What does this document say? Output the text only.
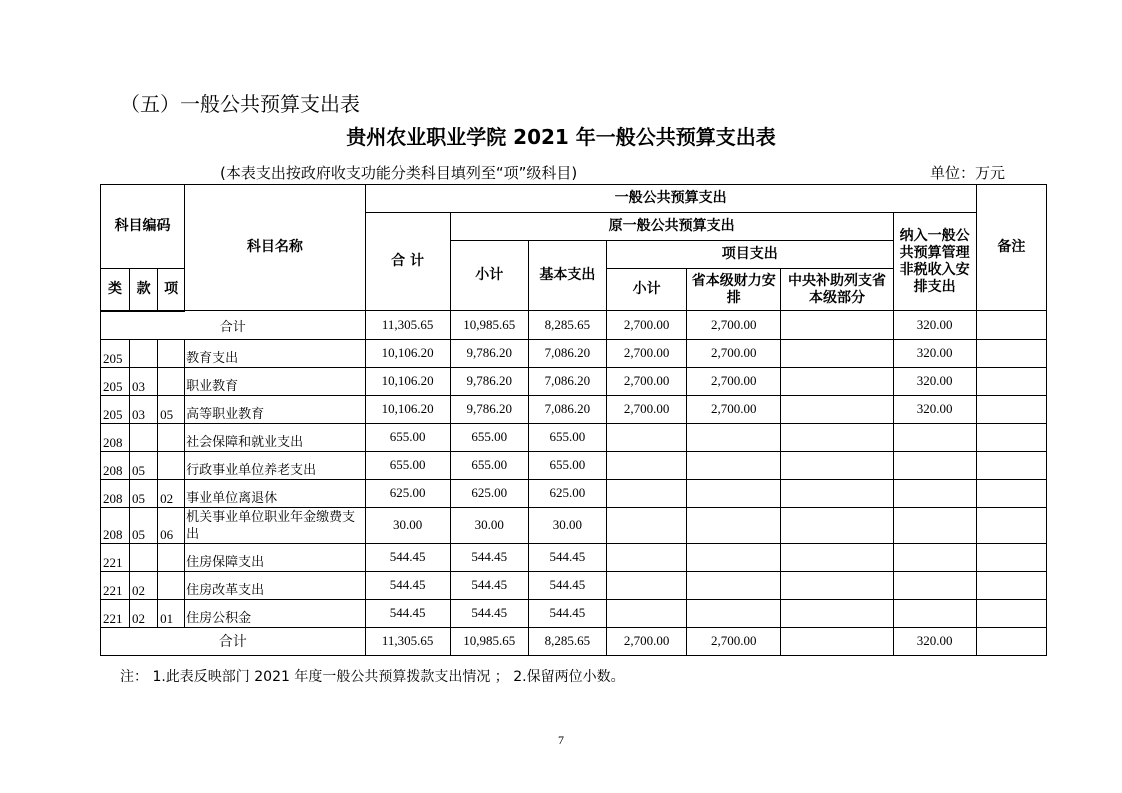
（五）一般公共预算支出表
贵州农业职业学院 2021 年一般公共预算支出表
(本表支出按政府收支功能分类科目填列至“项”级科目)	单位：万元
科目编码			科目名称	一般公共预算支出							备注
				合 计	原一般公共预算支出					纳入一般公共预算管理非税收入安排支出	
					小计	基本支出	项目支出				
类	款	项					小计	省本级财力安排	中央补助列支省本级部分		
合计				11,305.65	10,985.65	8,285.65	2,700.00	2,700.00		320.00	
205			教育支出	10,106.20	9,786.20	7,086.20	2,700.00	2,700.00		320.00	
205	03		职业教育	10,106.20	9,786.20	7,086.20	2,700.00	2,700.00		320.00	
205	03	05	高等职业教育	10,106.20	9,786.20	7,086.20	2,700.00	2,700.00		320.00	
208			社会保障和就业支出	655.00	655.00	655.00					
208	05		行政事业单位养老支出	655.00	655.00	655.00					
208	05	02	事业单位离退休	625.00	625.00	625.00					
208	05	06	机关事业单位职业年金缴费支出	30.00	30.00	30.00					
221			住房保障支出	544.45	544.45	544.45					
221	02		住房改革支出	544.45	544.45	544.45					
221	02	01	住房公积金	544.45	544.45	544.45					
合计				11,305.65	10,985.65	8,285.65	2,700.00	2,700.00		320.00	
注： 1.此表反映部门 2021 年度一般公共预算拨款支出情况 ； 2.保留两位小数。
7
